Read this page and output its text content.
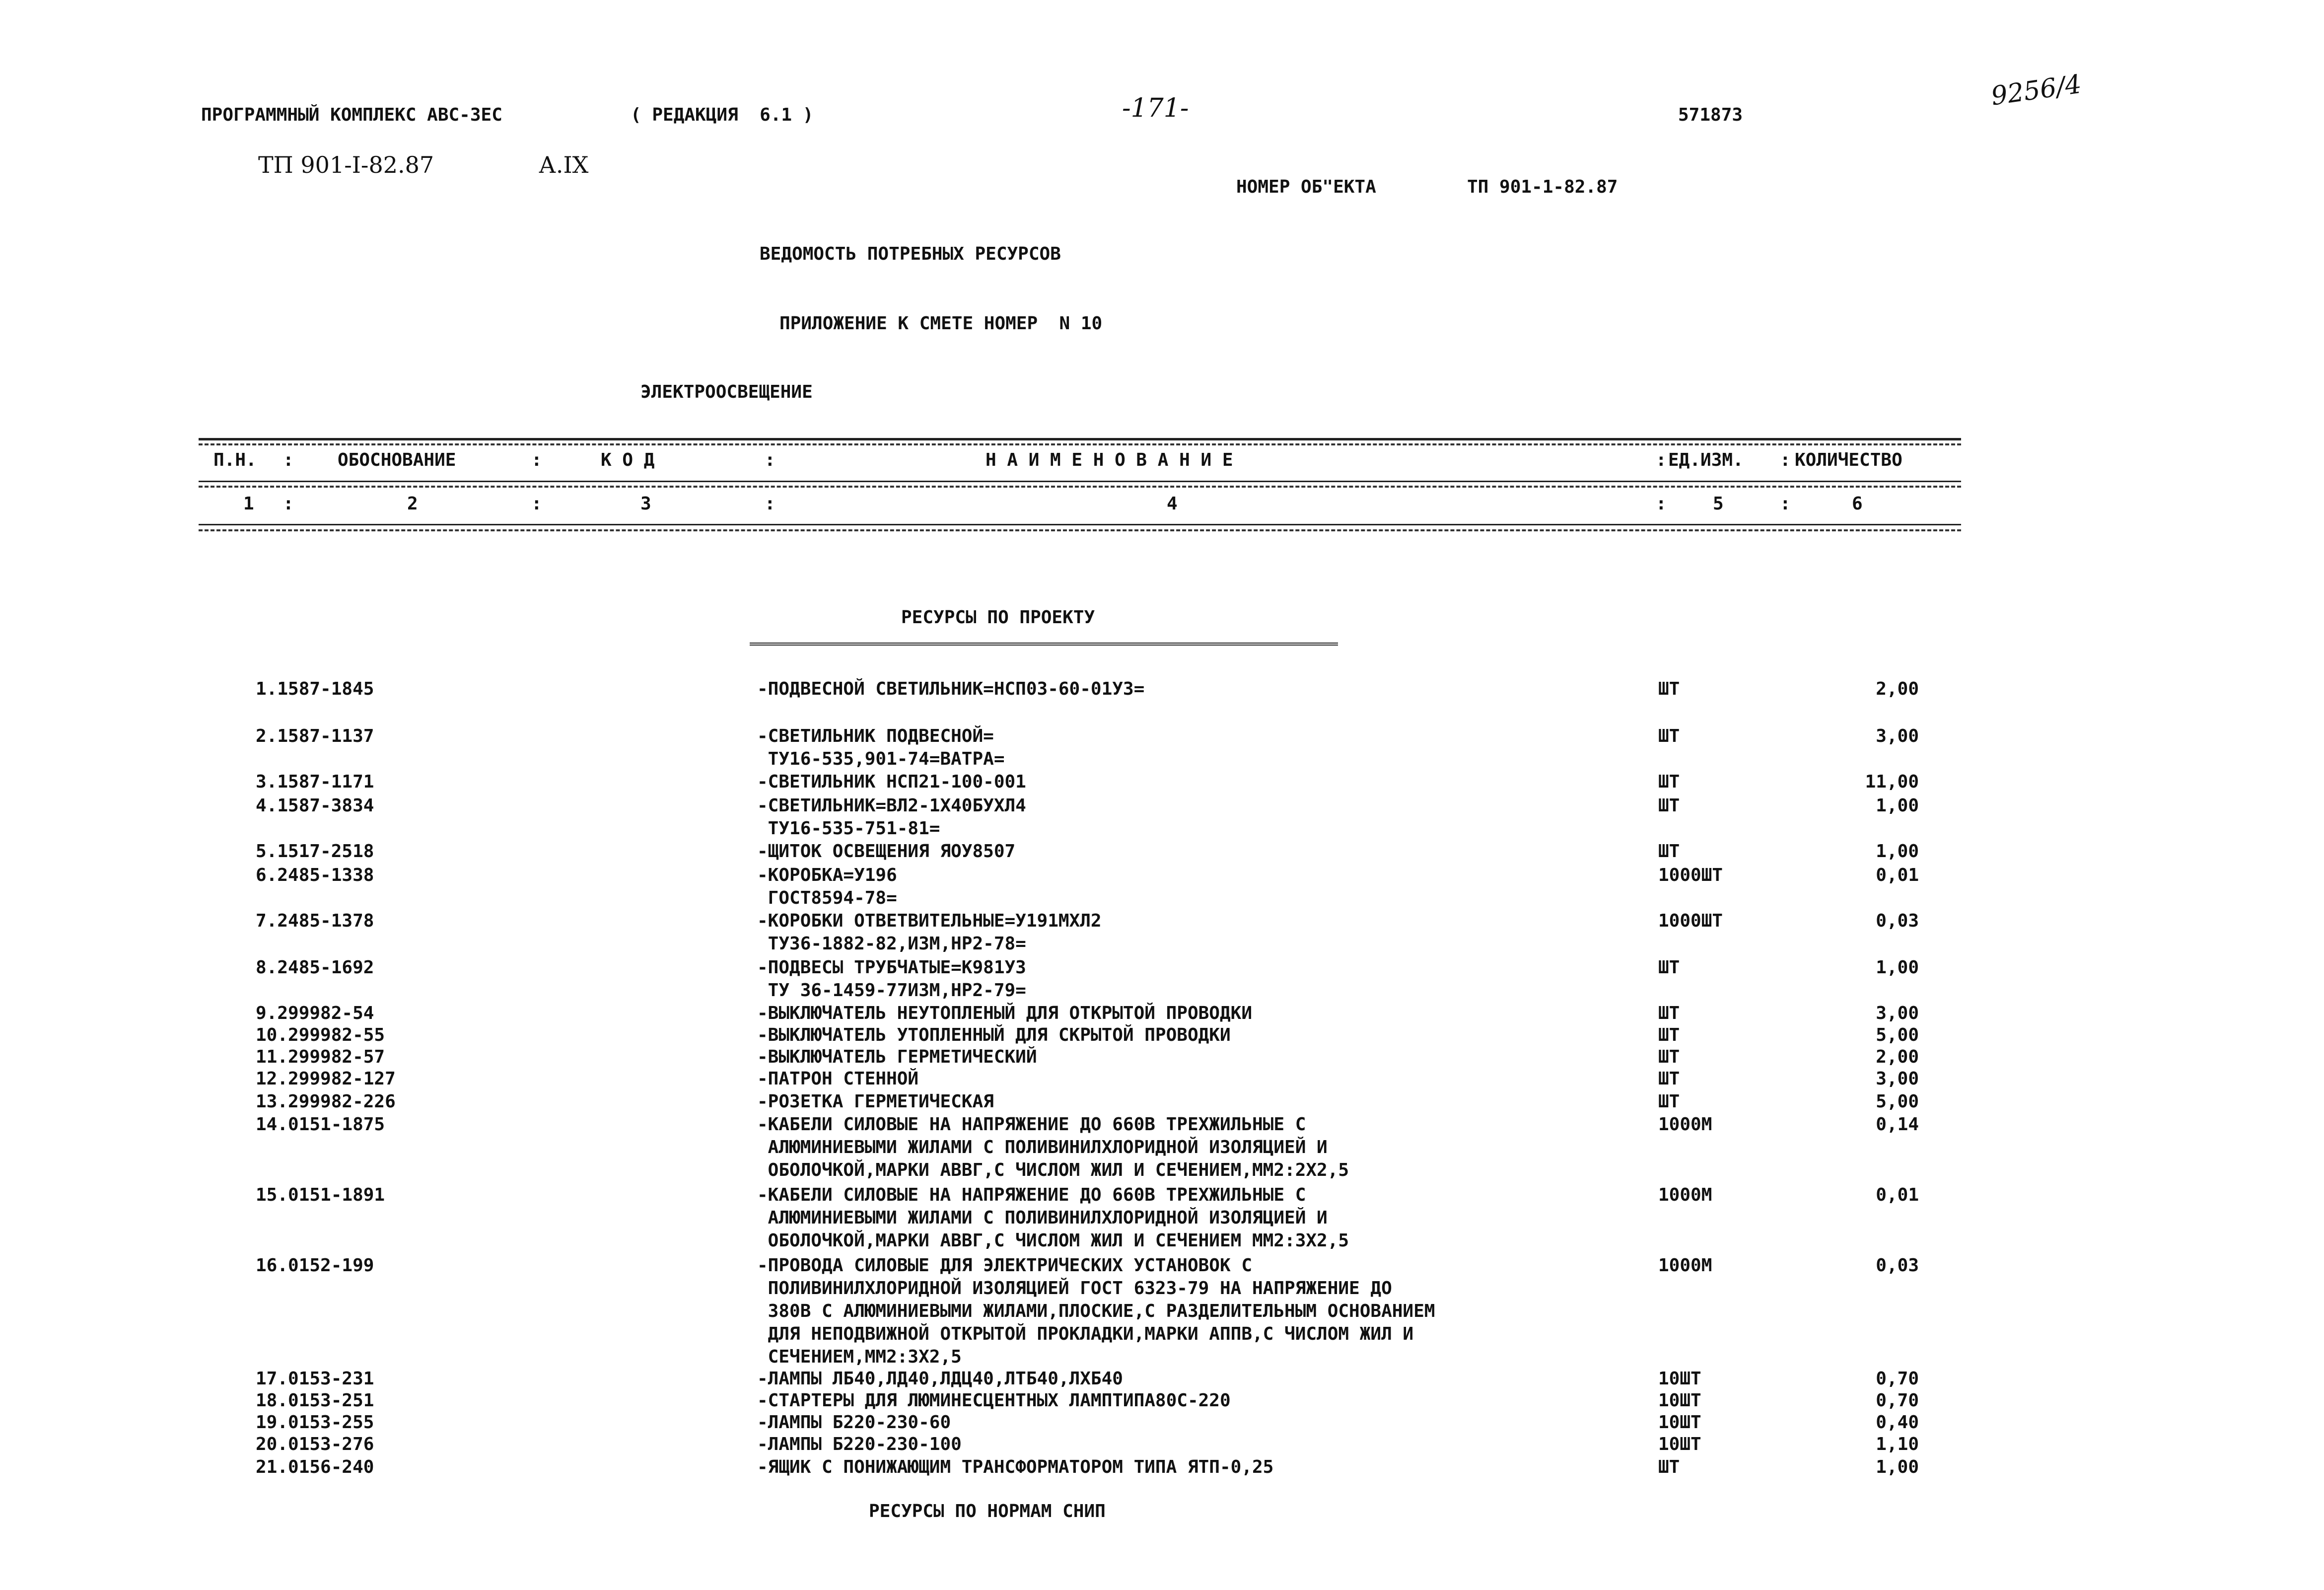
ПРОГРАММНЫЙ КОМПЛЕКС АВС-3ЕС	( РЕДАКЦИЯ  6.1 )	-171-	571873
9256/4
ТП 901-I-82.87	А.IX
НОМЕР ОБ"ЕКТА	ТП 901-1-82.87
ВЕДОМОСТЬ ПОТРЕБНЫХ РЕСУРСОВ
ПРИЛОЖЕНИЕ К СМЕТЕ НОМЕР  N 10
ЭЛЕКТРООСВЕЩЕНИЕ
П.Н. : ОБОСНОВАНИЕ	:	К О Д	:	Н А И М Е Н О В А Н И Е	: ЕД.ИЗМ. : КОЛИЧЕСТВО
1 :	2	:	3	:	4	:	5	:	6
РЕСУРСЫ ПО ПРОЕКТУ
1.1587-1845	-ПОДВЕСНОЙ СВЕТИЛЬНИК=НСП03-60-01У3=	ШТ	2,00
2.1587-1137	-СВЕТИЛЬНИК ПОДВЕСНОЙ=
ТУ16-535,901-74=ВАТРА=
ШТ	3,00
3.1587-1171	-СВЕТИЛЬНИК НСП21-100-001	ШТ	11,00
4.1587-3834	-СВЕТИЛЬНИК=ВЛ2-1Х40БУХЛ4
ТУ16-535-751-81=
ШТ	1,00
5.1517-2518	-ЩИТОК ОСВЕЩЕНИЯ ЯОУ8507	ШТ	1,00
6.2485-1338	-КОРОБКА=У196
ГОСТ8594-78=
1000ШТ	0,01
7.2485-1378	-КОРОБКИ ОТВЕТВИТЕЛЬНЫЕ=У191МХЛ2
ТУ36-1882-82,ИЗМ,НР2-78=
1000ШТ	0,03
8.2485-1692	-ПОДВЕСЫ ТРУБЧАТЫЕ=К981У3
ТУ 36-1459-77ИЗМ,НР2-79=
ШТ	1,00
9.299982-54	-ВЫКЛЮЧАТЕЛЬ НЕУТОПЛЕНЫЙ ДЛЯ ОТКРЫТОЙ ПРОВОДКИ	ШТ	3,00
10.299982-55	-ВЫКЛЮЧАТЕЛЬ УТОПЛЕННЫЙ ДЛЯ СКРЫТОЙ ПРОВОДКИ	ШТ	5,00
11.299982-57	-ВЫКЛЮЧАТЕЛЬ ГЕРМЕТИЧЕСКИЙ	ШТ	2,00
12.299982-127	-ПАТРОН СТЕННОЙ	ШТ	3,00
13.299982-226	-РОЗЕТКА ГЕРМЕТИЧЕСКАЯ	ШТ	5,00
14.0151-1875	-КАБЕЛИ СИЛОВЫЕ НА НАПРЯЖЕНИЕ ДО 660В ТРЕХЖИЛЬНЫЕ С
АЛЮМИНИЕВЫМИ ЖИЛАМИ С ПОЛИВИНИЛХЛОРИДНОЙ ИЗОЛЯЦИЕЙ И
ОБОЛОЧКОЙ,МАРКИ АВВГ,С ЧИСЛОМ ЖИЛ И СЕЧЕНИЕМ,ММ2:2Х2,5
1000М	0,14
15.0151-1891	-КАБЕЛИ СИЛОВЫЕ НА НАПРЯЖЕНИЕ ДО 660В ТРЕХЖИЛЬНЫЕ С
АЛЮМИНИЕВЫМИ ЖИЛАМИ С ПОЛИВИНИЛХЛОРИДНОЙ ИЗОЛЯЦИЕЙ И
ОБОЛОЧКОЙ,МАРКИ АВВГ,С ЧИСЛОМ ЖИЛ И СЕЧЕНИЕМ ММ2:3Х2,5
1000М	0,01
16.0152-199	-ПРОВОДА СИЛОВЫЕ ДЛЯ ЭЛЕКТРИЧЕСКИХ УСТАНОВОК С
ПОЛИВИНИЛХЛОРИДНОЙ ИЗОЛЯЦИЕЙ ГОСТ 6323-79 НА НАПРЯЖЕНИЕ ДО
380В С АЛЮМИНИЕВЫМИ ЖИЛАМИ,ПЛОСКИЕ,С РАЗДЕЛИТЕЛЬНЫМ ОСНОВАНИЕМ
ДЛЯ НЕПОДВИЖНОЙ ОТКРЫТОЙ ПРОКЛАДКИ,МАРКИ АППВ,С ЧИСЛОМ ЖИЛ И
СЕЧЕНИЕМ,ММ2:3Х2,5
1000М	0,03
17.0153-231	-ЛАМПЫ ЛБ40,ЛД40,ЛДЦ40,ЛТБ40,ЛХБ40	10ШТ	0,70
18.0153-251	-СТАРТЕРЫ ДЛЯ ЛЮМИНЕСЦЕНТНЫХ ЛАМПТИПА80С-220	10ШТ	0,70
19.0153-255	-ЛАМПЫ Б220-230-60	10ШТ	0,40
20.0153-276	-ЛАМПЫ Б220-230-100	10ШТ	1,10
21.0156-240	-ЯЩИК С ПОНИЖАЮЩИМ ТРАНСФОРМАТОРОМ ТИПА ЯТП-0,25	ШТ	1,00
РЕСУРСЫ ПО НОРМАМ СНИП
